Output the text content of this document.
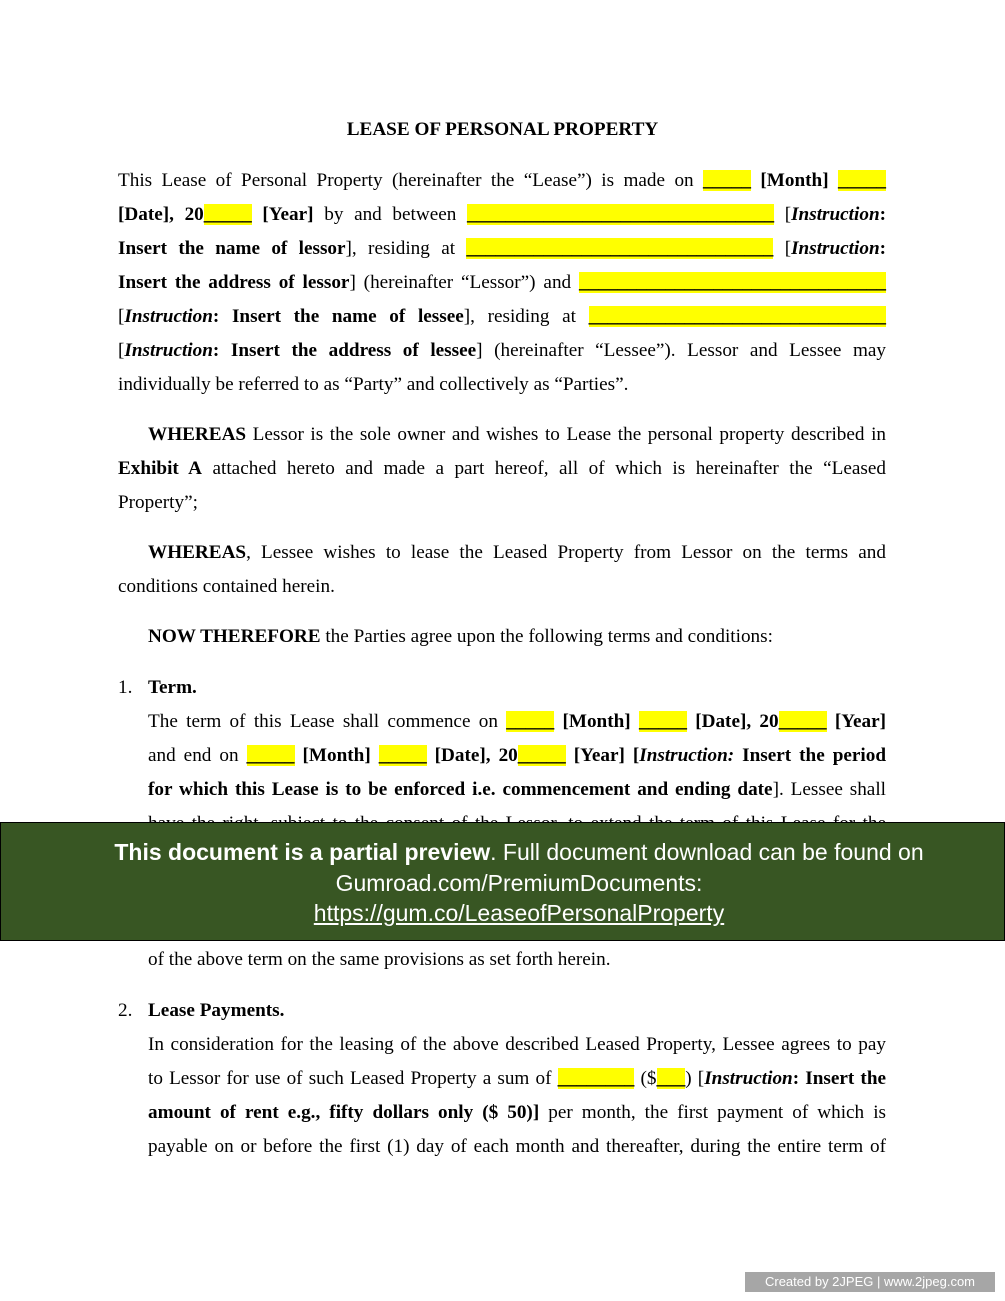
LEASE OF PERSONAL PROPERTY
This Lease of Personal Property (hereinafter the “Lease”) is made on _____ [Month] _____
[Date], 20_____ [Year] by and between ________________________________ [Instruction:
Insert the name of lessor], residing at ________________________________ [Instruction:
Insert the address of lessor] (hereinafter “Lessor”) and ________________________________
[Instruction: Insert the name of lessee], residing at _______________________________
[Instruction: Insert the address of lessee] (hereinafter “Lessee”). Lessor and Lessee may
individually be referred to as “Party” and collectively as “Parties”.
WHEREAS Lessor is the sole owner and wishes to Lease the personal property described in
Exhibit A attached hereto and made a part hereof, all of which is hereinafter the “Leased
Property”;
WHEREAS, Lessee wishes to lease the Leased Property from Lessor on the terms and
conditions contained herein.
NOW THEREFORE the Parties agree upon the following terms and conditions:
1. Term.
The term of this Lease shall commence on _____ [Month] _____ [Date], 20_____ [Year]
and end on _____ [Month] _____ [Date], 20_____ [Year] [Instruction: Insert the period
for which this Lease is to be enforced i.e. commencement and ending date]. Lessee shall
of the above term on the same provisions as set forth herein.
2. Lease Payments.
In consideration for the leasing of the above described Leased Property, Lessee agrees to pay
to Lessor for use of such Leased Property a sum of ________ ($___) [Instruction: Insert the
amount of rent e.g., fifty dollars only ($ 50)] per month, the first payment of which is
payable on or before the first (1) day of each month and thereafter, during the entire term of
This document is a partial preview. Full document download can be found on
Gumroad.com/PremiumDocuments:
https://gum.co/LeaseofPersonalProperty
Created by 2JPEG | www.2jpeg.com
